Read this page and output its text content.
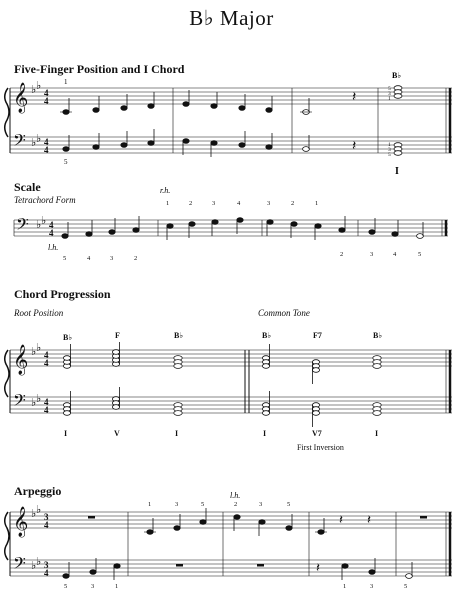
B♭ Major
Five-Finger Position and I Chord
Scale
Tetrachord Form
Chord Progression
Root Position	Common Tone
First Inversion
Arpeggio
𝄞
𝄢
♭ ♭
♭ ♭
4
4
4
4
𝄽
𝄽
5
3
1
1
3
5
1
5
B♭
I
𝄢 ♭ ♭ 4
4
r.h.
l.h.
1	2	3	4	3	2	1
5	4	3	2
2	3	4	5
𝄞
𝄢
♭ ♭
♭ ♭
4
4
4
4
B♭	F	B♭	B♭	F7	B♭
I	V	I	I	V7	I
𝄞
𝄢
♭ ♭
♭ ♭
3
4
3
4
𝄽 𝄽
𝄽
l.h.
1	3	5	2	3	5
5	3	1	1	3	5
